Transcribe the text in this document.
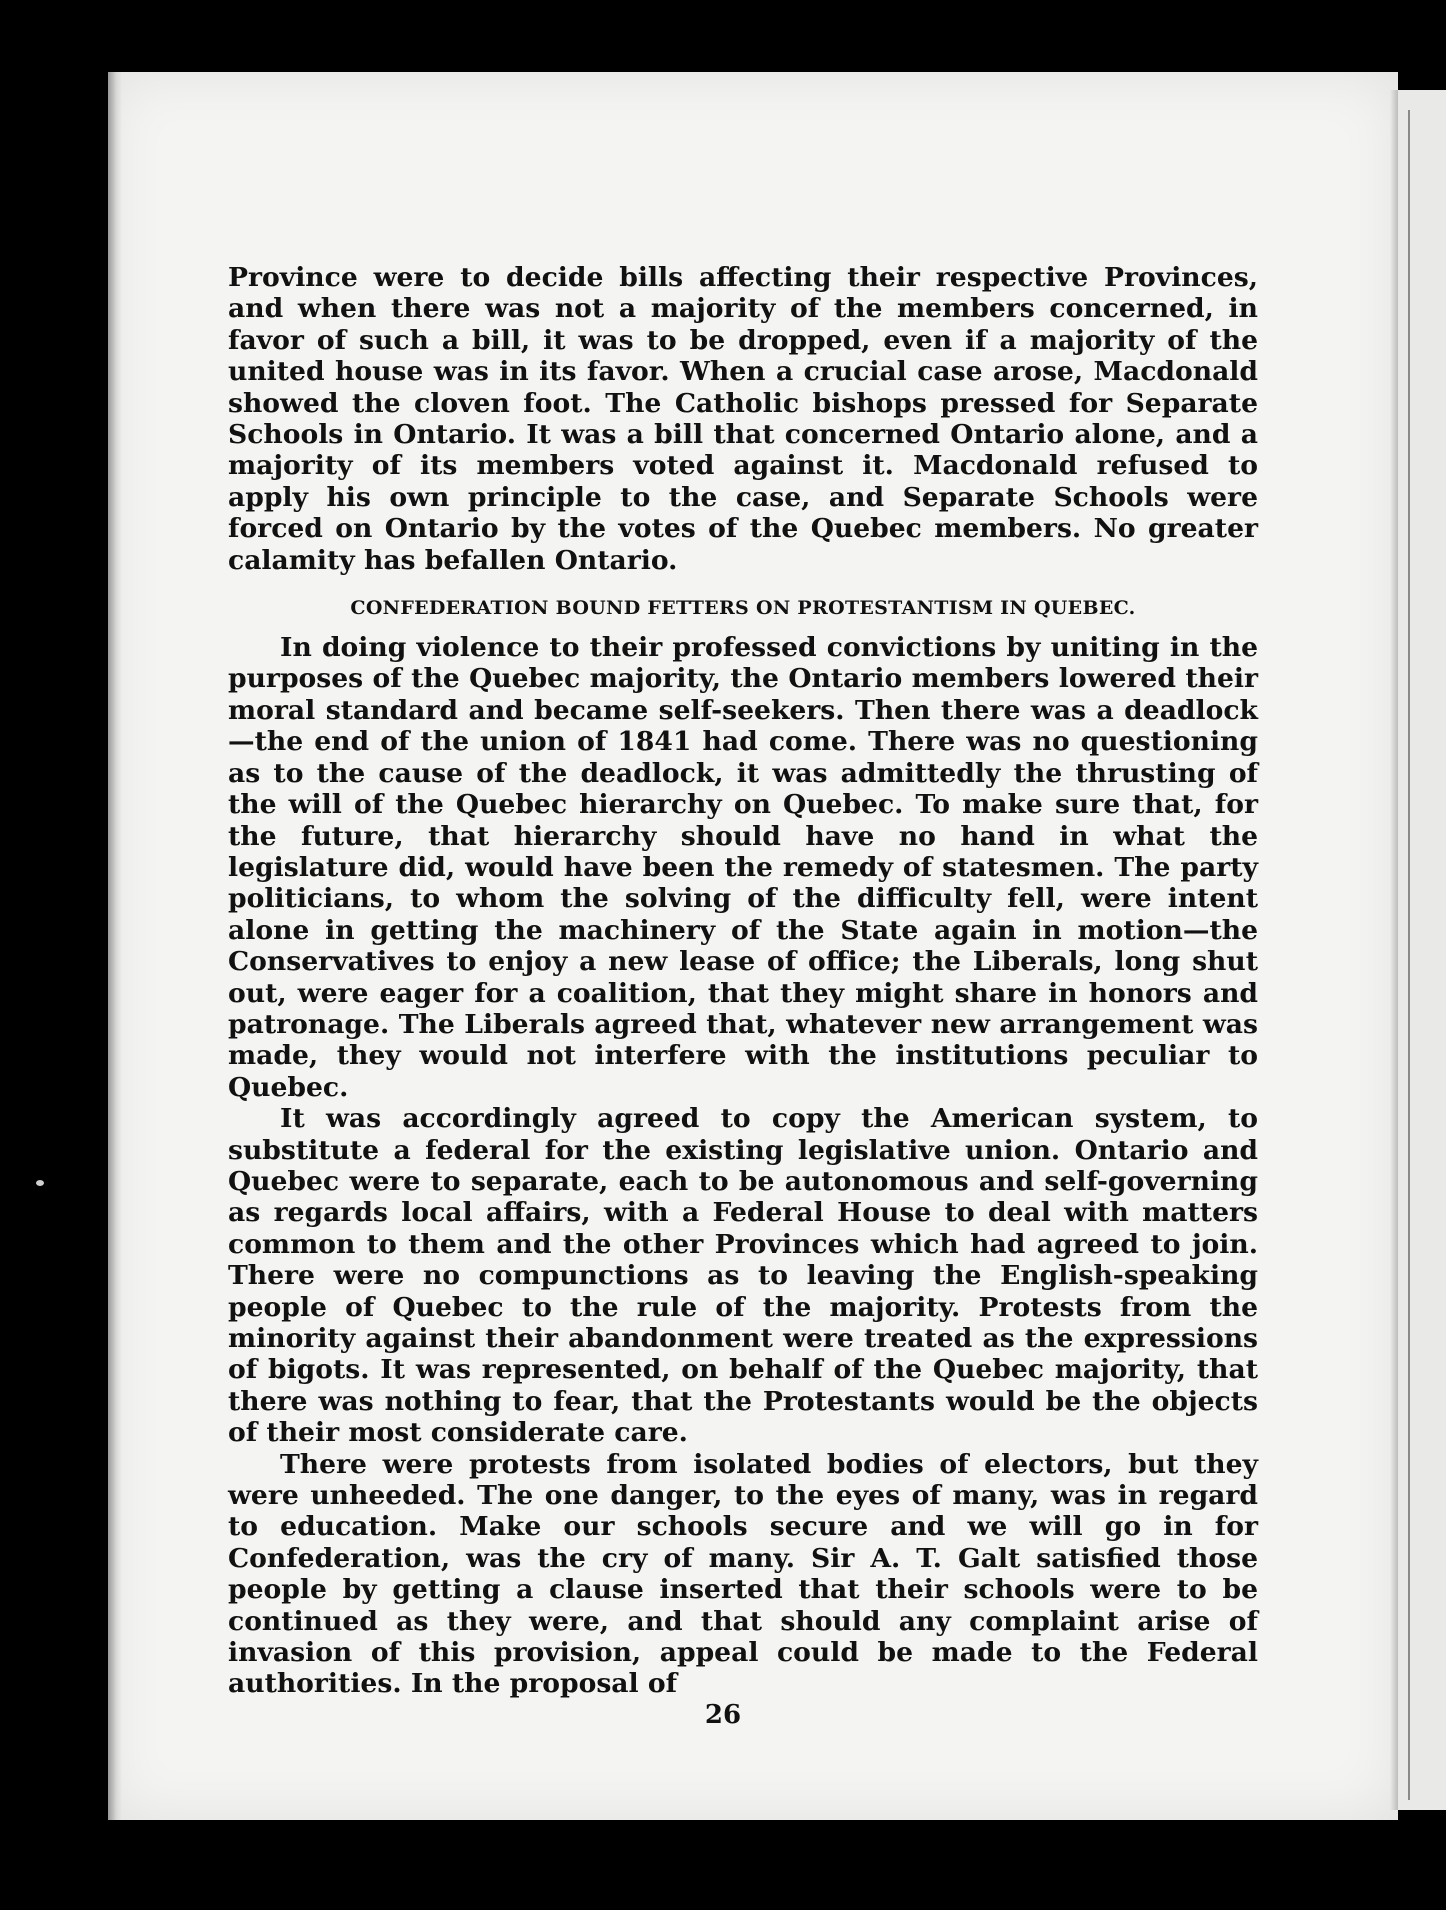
Province were to decide bills affecting their respective Provinces, and when there was not a majority of the members concerned, in favor of such a bill, it was to be dropped, even if a majority of the united house was in its favor. When a crucial case arose, Macdonald showed the cloven foot. The Catholic bishops pressed for Separate Schools in Ontario. It was a bill that concerned Ontario alone, and a majority of its members voted against it. Macdonald refused to apply his own principle to the case, and Separate Schools were forced on Ontario by the votes of the Quebec members. No greater calamity has befallen Ontario.

CONFEDERATION BOUND FETTERS ON PROTESTANTISM IN QUEBEC.

In doing violence to their professed convictions by uniting in the purposes of the Quebec majority, the Ontario members lowered their moral standard and became self-seekers. Then there was a deadlock—the end of the union of 1841 had come. There was no questioning as to the cause of the deadlock, it was admittedly the thrusting of the will of the Quebec hierarchy on Quebec. To make sure that, for the future, that hierarchy should have no hand in what the legislature did, would have been the remedy of statesmen. The party politicians, to whom the solving of the difficulty fell, were intent alone in getting the machinery of the State again in motion—the Conservatives to enjoy a new lease of office; the Liberals, long shut out, were eager for a coalition, that they might share in honors and patronage. The Liberals agreed that, whatever new arrangement was made, they would not interfere with the institutions peculiar to Quebec.

It was accordingly agreed to copy the American system, to substitute a federal for the existing legislative union. Ontario and Quebec were to separate, each to be autonomous and self-governing as regards local affairs, with a Federal House to deal with matters common to them and the other Provinces which had agreed to join. There were no compunctions as to leaving the English-speaking people of Quebec to the rule of the majority. Protests from the minority against their abandonment were treated as the expressions of bigots. It was represented, on behalf of the Quebec majority, that there was nothing to fear, that the Protestants would be the objects of their most considerate care.

There were protests from isolated bodies of electors, but they were unheeded. The one danger, to the eyes of many, was in regard to education. Make our schools secure and we will go in for Confederation, was the cry of many. Sir A. T. Galt satisfied those people by getting a clause inserted that their schools were to be continued as they were, and that should any complaint arise of invasion of this provision, appeal could be made to the Federal authorities. In the proposal of

26
